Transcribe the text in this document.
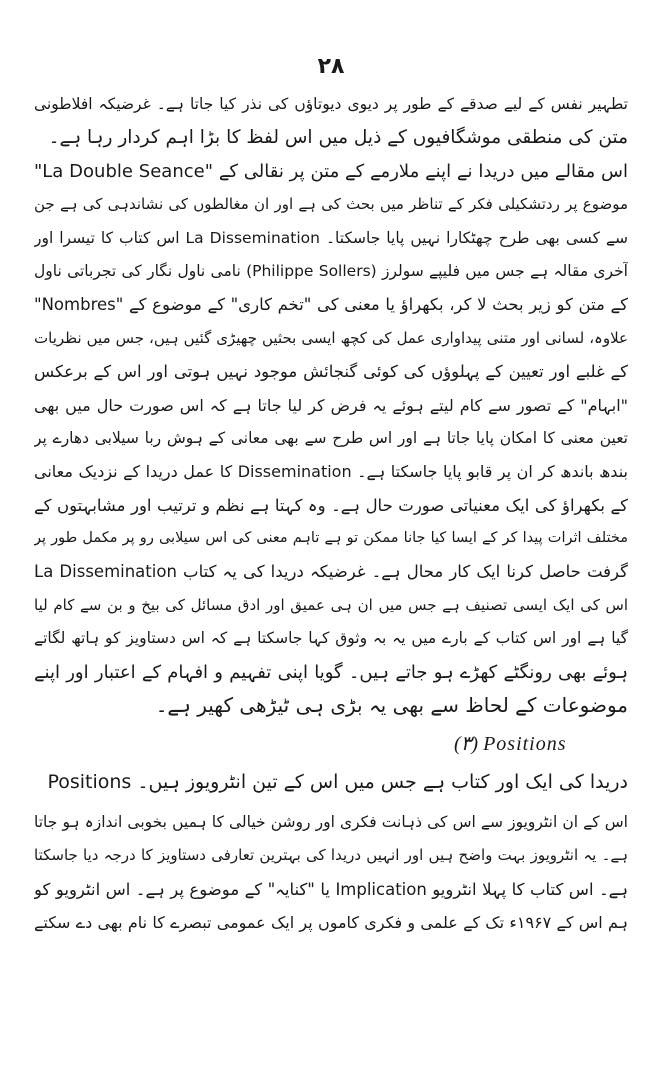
۲۸
تطہیر نفس کے لیے صدقے کے طور پر دیوی دیوتاؤں کی نذر کیا جاتا ہے۔ غرضیکہ افلاطونی
متن کی منطقی موشگافیوں کے ذیل میں اس لفظ کا بڑا اہم کردار رہا ہے۔
"La Double Seance" اس مقالے میں دریدا نے اپنے ملارمے کے متن پر نقالی کے
موضوع پر ردتشکیلی فکر کے تناظر میں بحث کی ہے اور ان مغالطوں کی نشاندہی کی ہے جن
سے کسی بھی طرح چھٹکارا نہیں پایا جاسکتا۔ La Dissemination اس کتاب کا تیسرا اور
آخری مقالہ ہے جس میں فلیپے سولرز (Philippe Sollers) نامی ناول نگار کی تجرباتی ناول
"Nombres" کے متن کو زیر بحث لا کر، بکھراؤ یا معنی کی "تخم کاری" کے موضوع کے
علاوہ، لسانی اور متنی پیداواری عمل کی کچھ ایسی بحثیں چھیڑی گئیں ہیں، جس میں نظریات
کے غلبے اور تعیین کے پہلوؤں کی کوئی گنجائش موجود نہیں ہوتی اور اس کے برعکس
"ابہام" کے تصور سے کام لیتے ہوئے یہ فرض کر لیا جاتا ہے کہ اس صورت حال میں بھی
تعین معنی کا امکان پایا جاتا ہے اور اس طرح سے بھی معانی کے ہوش ربا سیلابی دھارے پر
بندھ باندھ کر ان پر قابو پایا جاسکتا ہے۔ Dissemination کا عمل دریدا کے نزدیک معانی
کے بکھراؤ کی ایک معنیاتی صورت حال ہے۔ وہ کہتا ہے نظم و ترتیب اور مشابہتوں کے
مختلف اثرات پیدا کر کے ایسا کیا جانا ممکن تو ہے تاہم معنی کی اس سیلابی رو پر مکمل طور پر
گرفت حاصل کرنا ایک کار محال ہے۔ غرضیکہ دریدا کی یہ کتاب La Dissemination
اس کی ایک ایسی تصنیف ہے جس میں ان ہی عمیق اور ادق مسائل کی بیخ و بن سے کام لیا
گیا ہے اور اس کتاب کے بارے میں یہ بہ وثوق کہا جاسکتا ہے کہ اس دستاویز کو ہاتھ لگاتے
ہوئے بھی رونگٹے کھڑے ہو جاتے ہیں۔ گویا اپنی تفہیم و افہام کے اعتبار اور اپنے
موضوعات کے لحاظ سے بھی یہ بڑی ہی ٹیڑھی کھیر ہے۔
(۳) Positions
Positions دریدا کی ایک اور کتاب ہے جس میں اس کے تین انٹرویوز ہیں۔
اس کے ان انٹرویوز سے اس کی ذہانت فکری اور روشن خیالی کا ہمیں بخوبی اندازہ ہو جاتا
ہے۔ یہ انٹرویوز بہت واضح ہیں اور انہیں دریدا کی بہترین تعارفی دستاویز کا درجہ دیا جاسکتا
ہے۔ اس کتاب کا پہلا انٹرویو Implication یا "کنایہ" کے موضوع پر ہے۔ اس انٹرویو کو
ہم اس کے ۱۹۶۷ء تک کے علمی و فکری کاموں پر ایک عمومی تبصرے کا نام بھی دے سکتے
